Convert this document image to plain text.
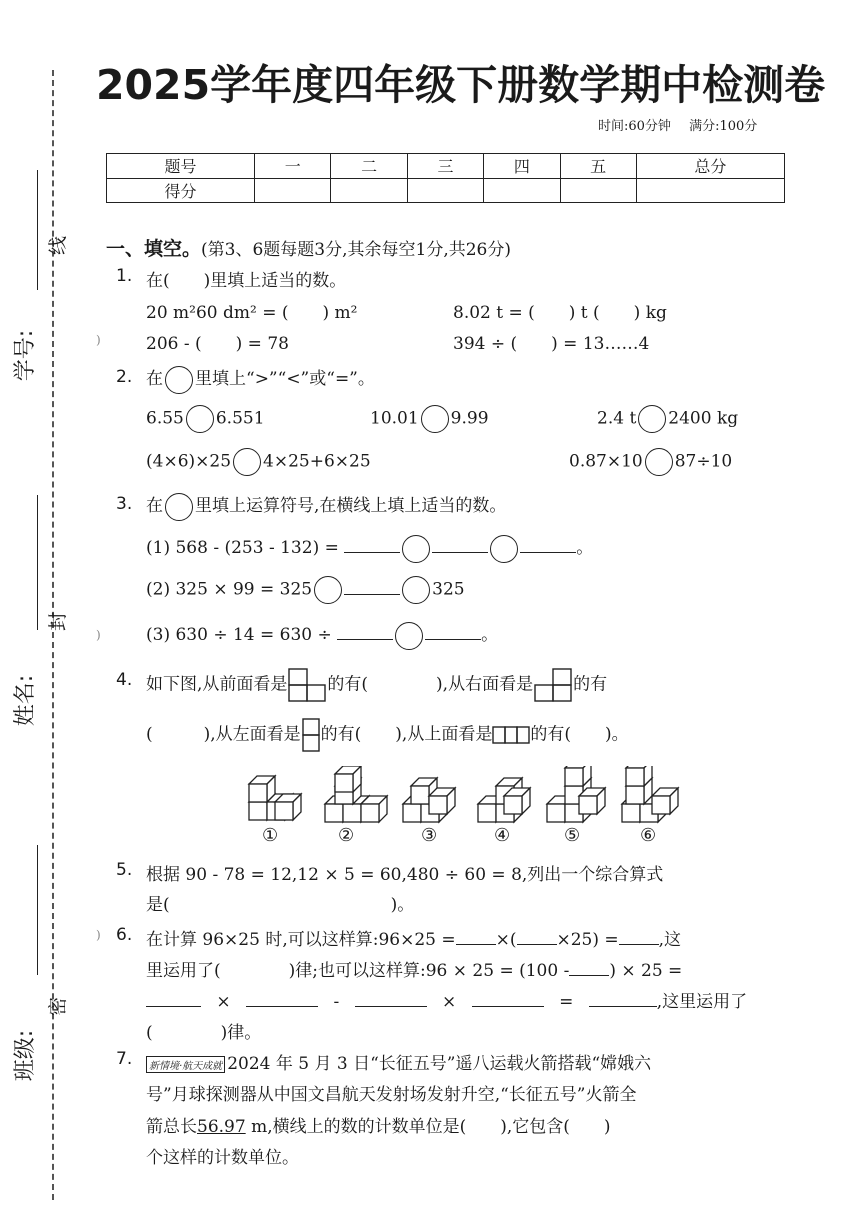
学号:
姓名:
班级:
线
封
密
)
)
)
2025学年度四年级下册数学期中检测卷
时间:60分钟 满分:100分
题号	一	二	三	四	五	总分
得分						
一、填空。(第3、6题每题3分,其余每空1分,共26分)
1. 在(　　)里填上适当的数。
20 m²60 dm² = (　　) m²	8.02 t = (　　) t (　　) kg
206 - (　　) = 78	394 ÷ (　　) = 13……4
2. 在 里填上“>”“<”或“=”。
6.55 6.551	10.01 9.99	2.4 t 2400 kg
(4×6)×25 4×25+6×25	0.87×10 87÷10
3. 在 里填上运算符号,在横线上填上适当的数。
(1) 568 - (253 - 132) =	。
(2) 325 × 99 = 325	325
(3) 630 ÷ 14 = 630 ÷	。
4. 如下图,从前面看是 的有(　　　　),从右面看是 的有
(　　　),从左面看是 的有(　　),从上面看是 的有(　　)。
①	②	③	④	⑤	⑥
5. 根据 90 - 78 = 12,12 × 5 = 60,480 ÷ 60 = 8,列出一个综合算式
是(　　　　　　　　　　　　　)。
6. 在计算 96×25 时,可以这样算:96×25 = ×( ×25) = ,这
里运用了(　　　　)律;也可以这样算:96 × 25 = (100 - ) × 25 =
×	-	×	=	,这里运用了
(　　　　)律。
7.	新情境·航天成就 2024 年 5 月 3 日“长征五号”遥八运载火箭搭载“嫦娥六
号”月球探测器从中国文昌航天发射场发射升空,“长征五号”火箭全
箭总长56.97 m,横线上的数的计数单位是(　　),它包含(　　)
个这样的计数单位。
